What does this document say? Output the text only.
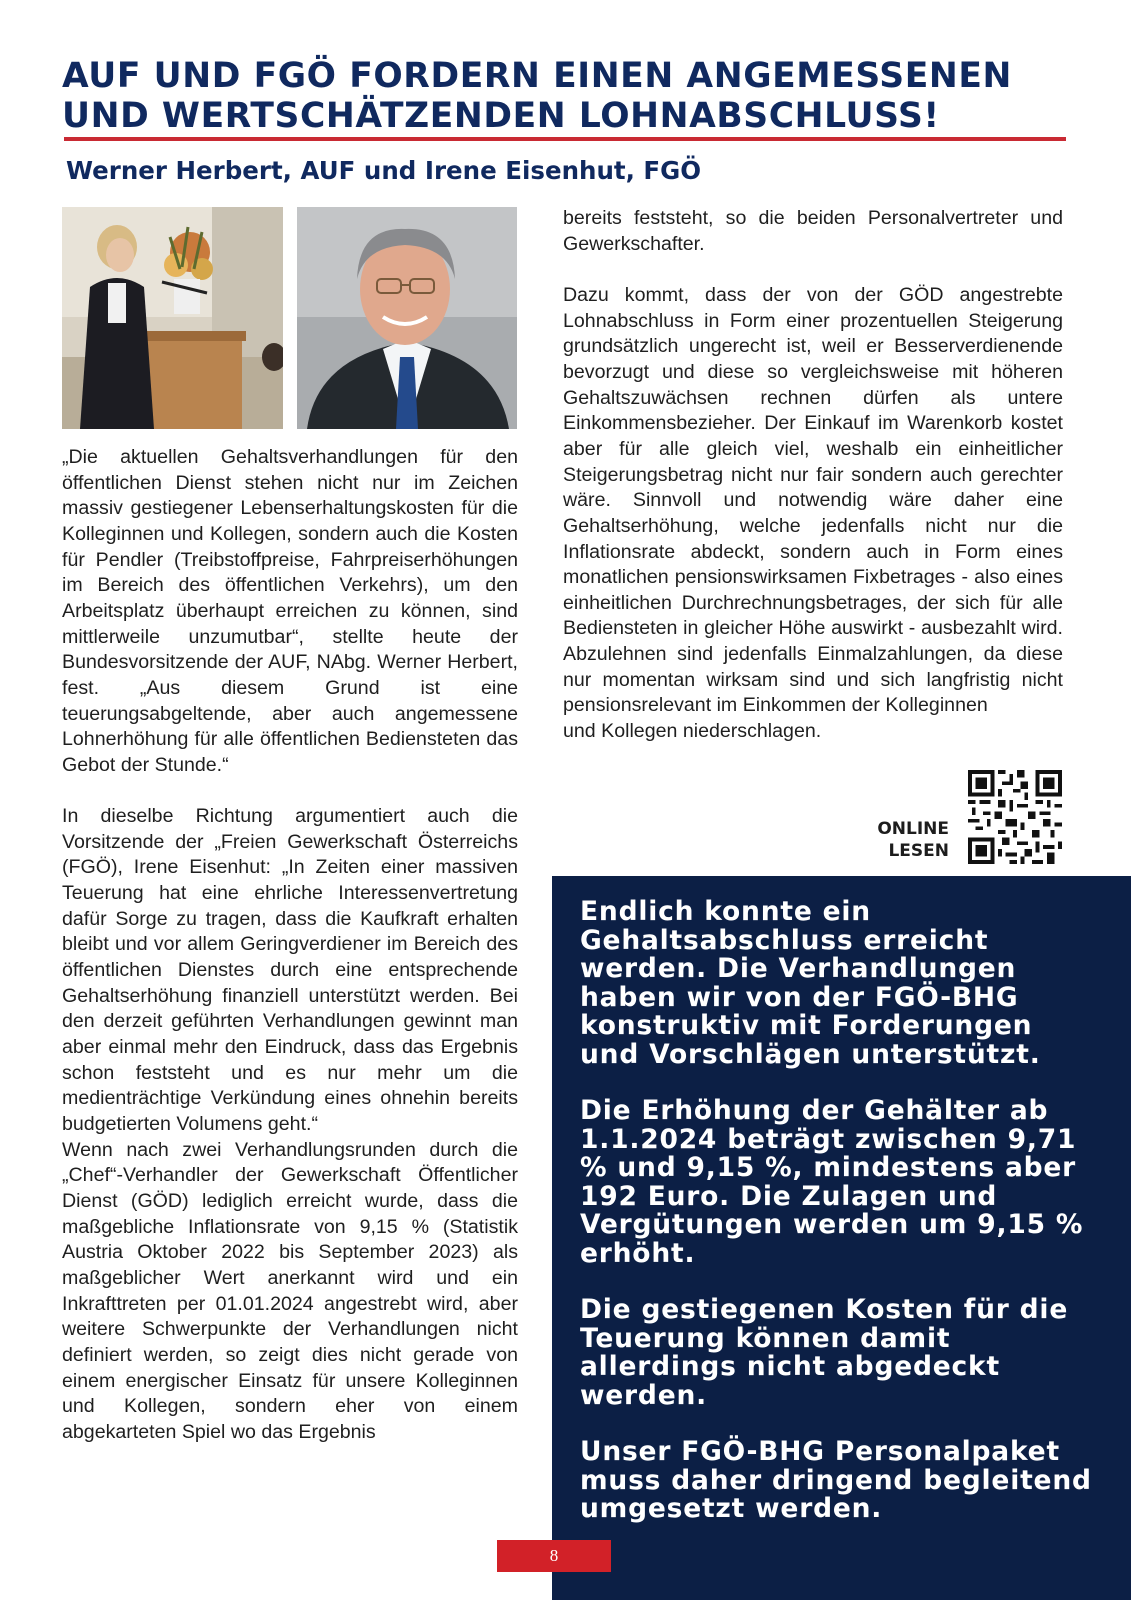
AUF UND FGÖ FORDERN EINEN ANGEMESSENEN
UND WERTSCHÄTZENDEN LOHNABSCHLUSS!
Werner Herbert, AUF und Irene Eisenhut, FGÖ

„Die aktuellen Gehaltsverhandlungen für den öffentlichen Dienst stehen nicht nur im Zeichen massiv gestiegener Lebenserhaltungskosten für die Kolleginnen und Kollegen, sondern auch die Kosten für Pendler (Treibstoffpreise, Fahrpreiserhöhungen im Bereich des öffentlichen Verkehrs), um den Arbeitsplatz überhaupt erreichen zu können, sind mittlerweile unzumutbar“, stellte heute der Bundesvorsitzende der AUF, NAbg. Werner Herbert, fest. „Aus diesem Grund ist eine teuerungsabgeltende, aber auch angemessene Lohnerhöhung für alle öffentlichen Bediensteten das Gebot der Stunde.“

In dieselbe Richtung argumentiert auch die Vorsitzende der „Freien Gewerkschaft Österreichs (FGÖ), Irene Eisenhut: „In Zeiten einer massiven Teuerung hat eine ehrliche Interessenvertretung dafür Sorge zu tragen, dass die Kaufkraft erhalten bleibt und vor allem Geringverdiener im Bereich des öffentlichen Dienstes durch eine entsprechende Gehaltserhöhung finanziell unterstützt werden. Bei den derzeit geführten Verhandlungen gewinnt man aber einmal mehr den Eindruck, dass das Ergebnis schon feststeht und es nur mehr um die medienträchtige Verkündung eines ohnehin bereits budgetierten Volumens geht.“

Wenn nach zwei Verhandlungsrunden durch die „Chef“-Verhandler der Gewerkschaft Öffentlicher Dienst (GÖD) lediglich erreicht wurde, dass die maßgebliche Inflationsrate von 9,15 % (Statistik Austria Oktober 2022 bis September 2023) als maßgeblicher Wert anerkannt wird und ein Inkrafttreten per 01.01.2024 angestrebt wird, aber weitere Schwerpunkte der Verhandlungen nicht definiert werden, so zeigt dies nicht gerade von einem energischer Einsatz für unsere Kolleginnen und Kollegen, sondern eher von einem abgekarteten Spiel wo das Ergebnis

bereits feststeht, so die beiden Personalvertreter und Gewerkschafter.

Dazu kommt, dass der von der GÖD angestrebte Lohnabschluss in Form einer prozentuellen Steigerung grundsätzlich ungerecht ist, weil er Besserverdienende bevorzugt und diese so vergleichsweise mit höheren Gehaltszuwächsen rechnen dürfen als untere Einkommensbezieher. Der Einkauf im Warenkorb kostet aber für alle gleich viel, weshalb ein einheitlicher Steigerungsbetrag nicht nur fair sondern auch gerechter wäre. Sinnvoll und notwendig wäre daher eine Gehaltserhöhung, welche jedenfalls nicht nur die Inflationsrate abdeckt, sondern auch in Form eines monatlichen pensionswirksamen Fixbetrages - also eines einheitlichen Durchrechnungsbetrages, der sich für alle Bediensteten in gleicher Höhe auswirkt - ausbezahlt wird. Abzulehnen sind jedenfalls Einmalzahlungen, da diese nur momentan wirksam sind und sich langfristig nicht pensionsrelevant im Einkommen der Kolleginnen

und Kollegen niederschlagen.

ONLINE
LESEN

Endlich konnte ein Gehaltsabschluss erreicht werden. Die Verhandlungen haben wir von der FGÖ-BHG konstruktiv mit Forderungen und Vorschlägen unterstützt.

Die Erhöhung der Gehälter ab 1.1.2024 beträgt zwischen 9,71 % und 9,15 %, mindestens aber 192 Euro. Die Zulagen und Vergütungen werden um 9,15 % erhöht.

Die gestiegenen Kosten für die Teuerung können damit allerdings nicht abgedeckt werden.

Unser FGÖ-BHG Personalpaket muss daher dringend begleitend umgesetzt werden.

8
